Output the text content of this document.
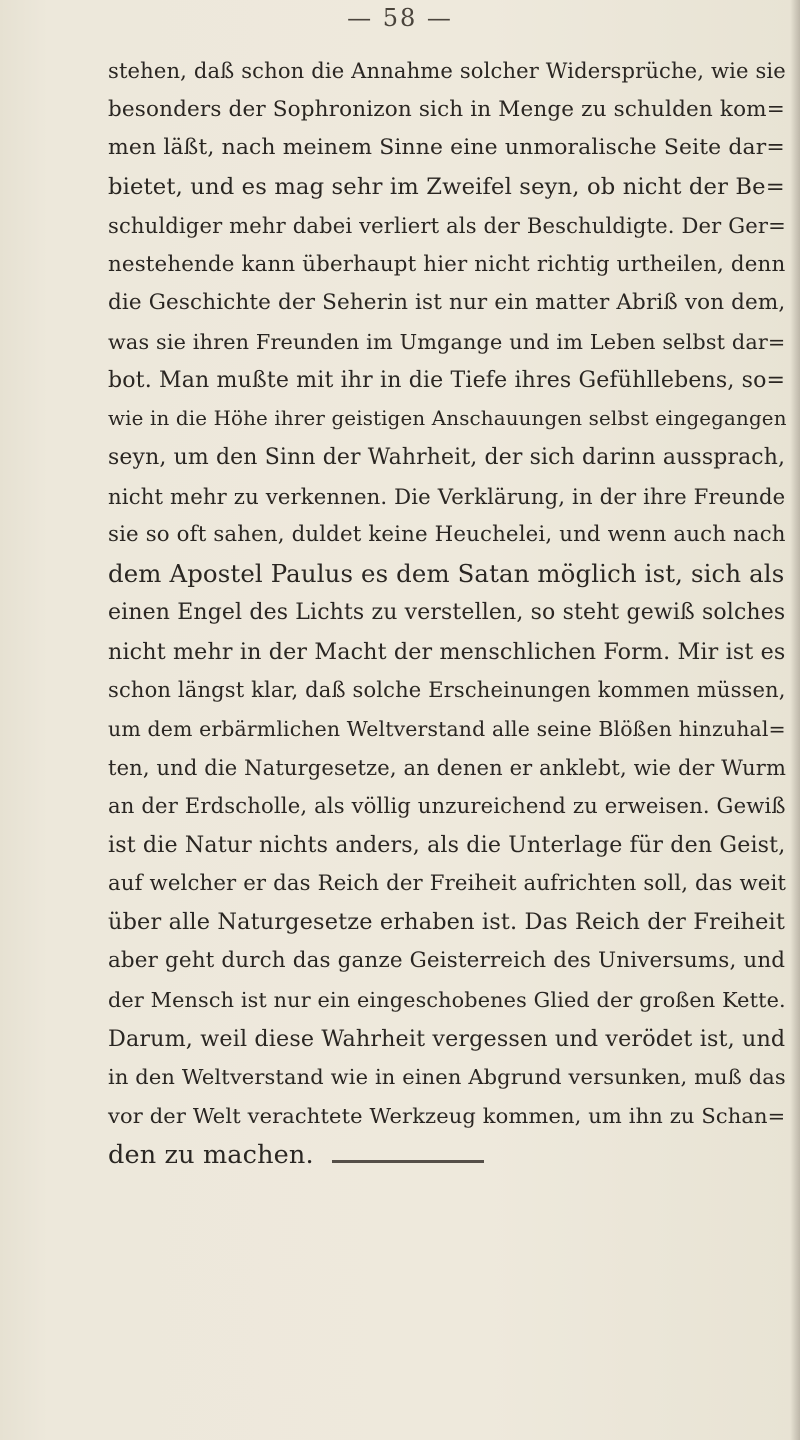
— 58 —
stehen, daß schon die Annahme solcher Widersprüche, wie sie
besonders der Sophronizon sich in Menge zu schulden kom=
men läßt, nach meinem Sinne eine unmoralische Seite dar=
bietet, und es mag sehr im Zweifel seyn, ob nicht der Be=
schuldiger mehr dabei verliert als der Beschuldigte. Der Ger=
nestehende kann überhaupt hier nicht richtig urtheilen, denn
die Geschichte der Seherin ist nur ein matter Abriß von dem,
was sie ihren Freunden im Umgange und im Leben selbst dar=
bot. Man mußte mit ihr in die Tiefe ihres Gefühllebens, so=
wie in die Höhe ihrer geistigen Anschauungen selbst eingegangen
seyn, um den Sinn der Wahrheit, der sich darinn aussprach,
nicht mehr zu verkennen. Die Verklärung, in der ihre Freunde
sie so oft sahen, duldet keine Heuchelei, und wenn auch nach
dem Apostel Paulus es dem Satan möglich ist, sich als
einen Engel des Lichts zu verstellen, so steht gewiß solches
nicht mehr in der Macht der menschlichen Form. Mir ist es
schon längst klar, daß solche Erscheinungen kommen müssen,
um dem erbärmlichen Weltverstand alle seine Blößen hinzuhal=
ten, und die Naturgesetze, an denen er anklebt, wie der Wurm
an der Erdscholle, als völlig unzureichend zu erweisen. Gewiß
ist die Natur nichts anders, als die Unterlage für den Geist,
auf welcher er das Reich der Freiheit aufrichten soll, das weit
über alle Naturgesetze erhaben ist. Das Reich der Freiheit
aber geht durch das ganze Geisterreich des Universums, und
der Mensch ist nur ein eingeschobenes Glied der großen Kette.
Darum, weil diese Wahrheit vergessen und verödet ist, und
in den Weltverstand wie in einen Abgrund versunken, muß das
vor der Welt verachtete Werkzeug kommen, um ihn zu Schan=
den zu machen.
